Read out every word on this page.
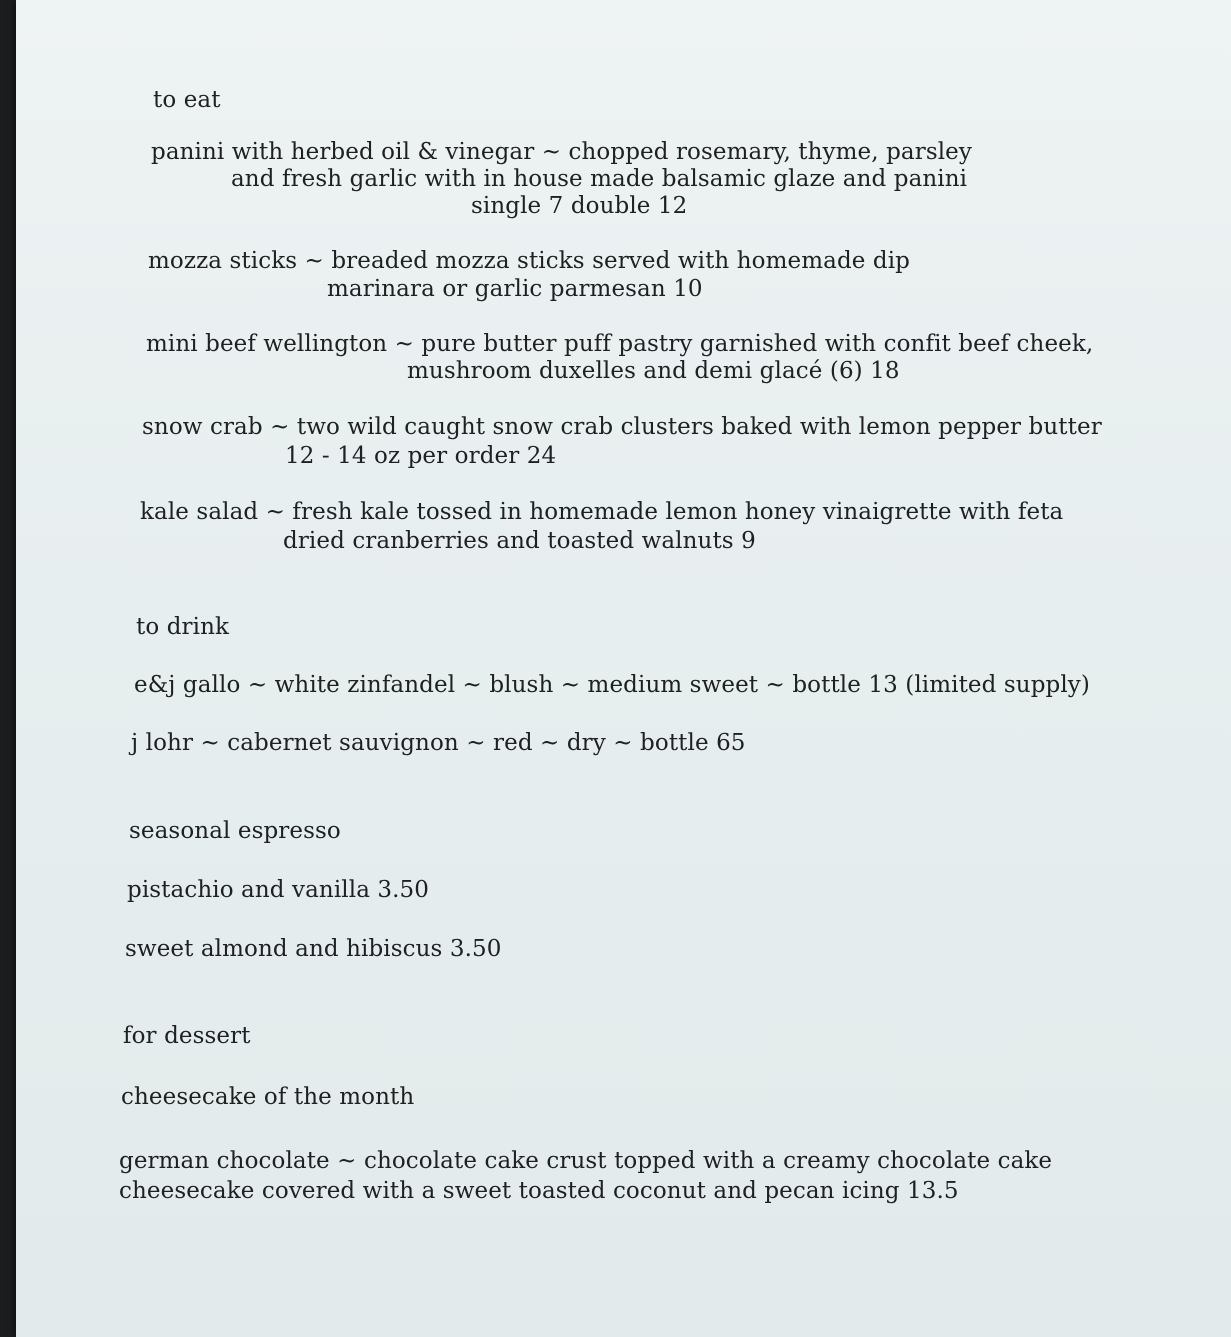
to eat
panini with herbed oil & vinegar ~ chopped rosemary, thyme, parsley
and fresh garlic with in house made balsamic glaze and panini
single 7 double 12
mozza sticks ~ breaded mozza sticks served with homemade dip
marinara or garlic parmesan 10
mini beef wellington ~ pure butter puff pastry garnished with confit beef cheek,
mushroom duxelles and demi glacé (6) 18
snow crab ~ two wild caught snow crab clusters baked with lemon pepper butter
12 - 14 oz per order 24
kale salad ~ fresh kale tossed in homemade lemon honey vinaigrette with feta
dried cranberries and toasted walnuts 9
to drink
e&j gallo ~ white zinfandel ~ blush ~ medium sweet ~ bottle 13 (limited supply)
j lohr ~ cabernet sauvignon ~ red ~ dry ~ bottle 65
seasonal espresso
pistachio and vanilla 3.50
sweet almond and hibiscus 3.50
for dessert
cheesecake of the month
german chocolate ~ chocolate cake crust topped with a creamy chocolate cake
cheesecake covered with a sweet toasted coconut and pecan icing 13.5
